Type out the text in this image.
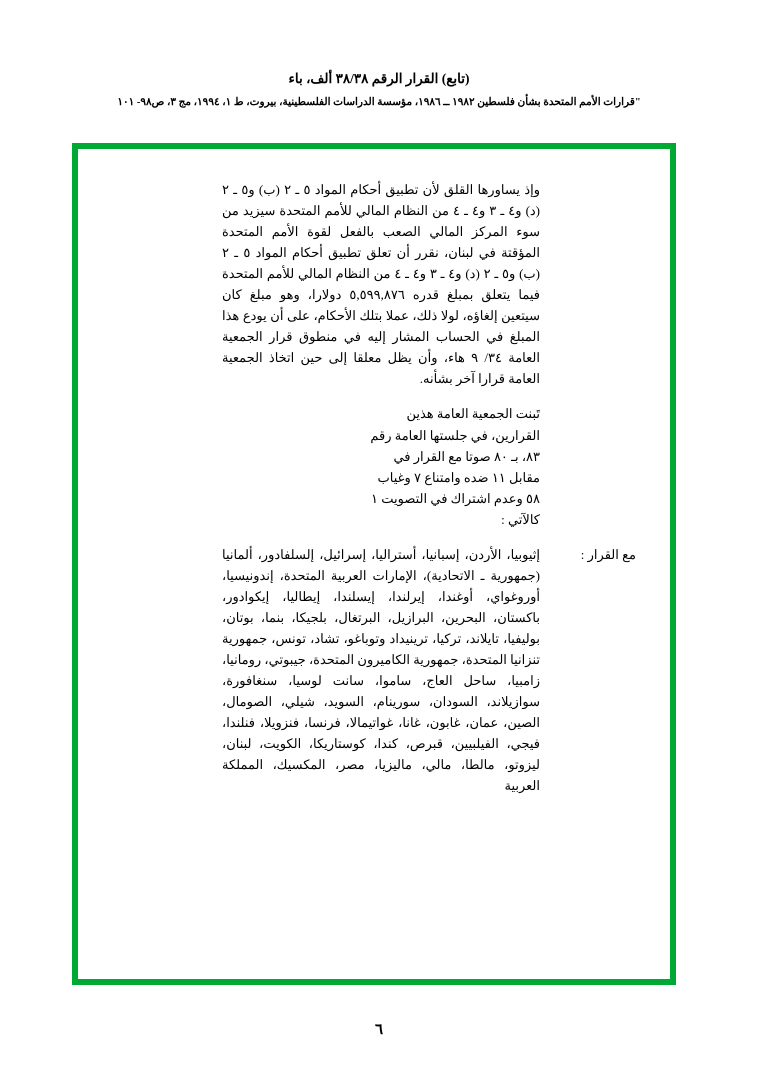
(تابع) القرار الرقم ٣٨/٣٨ ألف، باء
"قرارات الأمم المتحدة بشأن فلسطين ١٩٨٢ ــ ١٩٨٦، مؤسسة الدراسات الفلسطينية، بيروت، ط ١، ١٩٩٤، مج ٣، ص٩٨- ١٠١

وإذ يساورها القلق لأن تطبيق أحكام المواد ٥ ـ ٢ (ب) و٥ ـ ٢ (د) و٤ ـ ٣ و٤ ـ ٤ من النظام المالي للأمم المتحدة سيزيد من سوء المركز المالي الصعب بالفعل لقوة الأمم المتحدة المؤقتة في لبنان، نقرر أن تعلق تطبيق أحكام المواد ٥ ـ ٢ (ب) و٥ ـ ٢ (د) و٤ ـ ٣ و٤ ـ ٤ من النظام المالي للأمم المتحدة فيما يتعلق بمبلغ قدره ٥,٥٩٩,٨٧٦ دولارا، وهو مبلغ كان سيتعين إلغاؤه، لولا ذلك، عملا بتلك الأحكام، على أن يودع هذا المبلغ في الحساب المشار إليه في منطوق قرار الجمعية العامة ٣٤/ ٩ هاء، وأن يظل معلقا إلى حين اتخاذ الجمعية العامة قرارا آخر بشأنه.

تَبنت الجمعية العامة هذين
القرارين، في جلستها العامة رقم
٨٣، بـ ٨٠ صوتا مع القرار في
مقابل ١١ ضده وامتناع ٧ وغياب
٥٨ وعدم اشتراك في التصويت ١
كالآتي :
مع القرار :

إثيوبيا، الأردن، إسبانيا، أستراليا، إسرائيل، إلسلفادور، ألمانيا (جمهورية ـ الاتحادية)، الإمارات العربية المتحدة، إندونيسيا، أوروغواي، أوغندا، إيرلندا، إيسلندا، إيطاليا، إيكوادور، باكستان، البحرين، البرازيل، البرتغال، بلجيكا، بنما، بوتان، بوليفيا، تايلاند، تركيا، ترينيداد وتوباغو، تشاد، تونس، جمهورية تنزانيا المتحدة، جمهورية الكاميرون المتحدة، جيبوتي، رومانيا، زامبيا، ساحل العاج، ساموا، سانت لوسيا، سنغافورة، سوازيلاند، السودان، سورينام، السويد، شيلي، الصومال، الصين، عمان، غابون، غانا، غواتيمالا، فرنسا، فنزويلا، فنلندا، فيجي، الفيلبيين، قبرص، كندا، كوستاريكا، الكويت، لبنان، ليزوتو، مالطا، مالي، ماليزيا، مصر، المكسيك، المملكة العربية

٦
